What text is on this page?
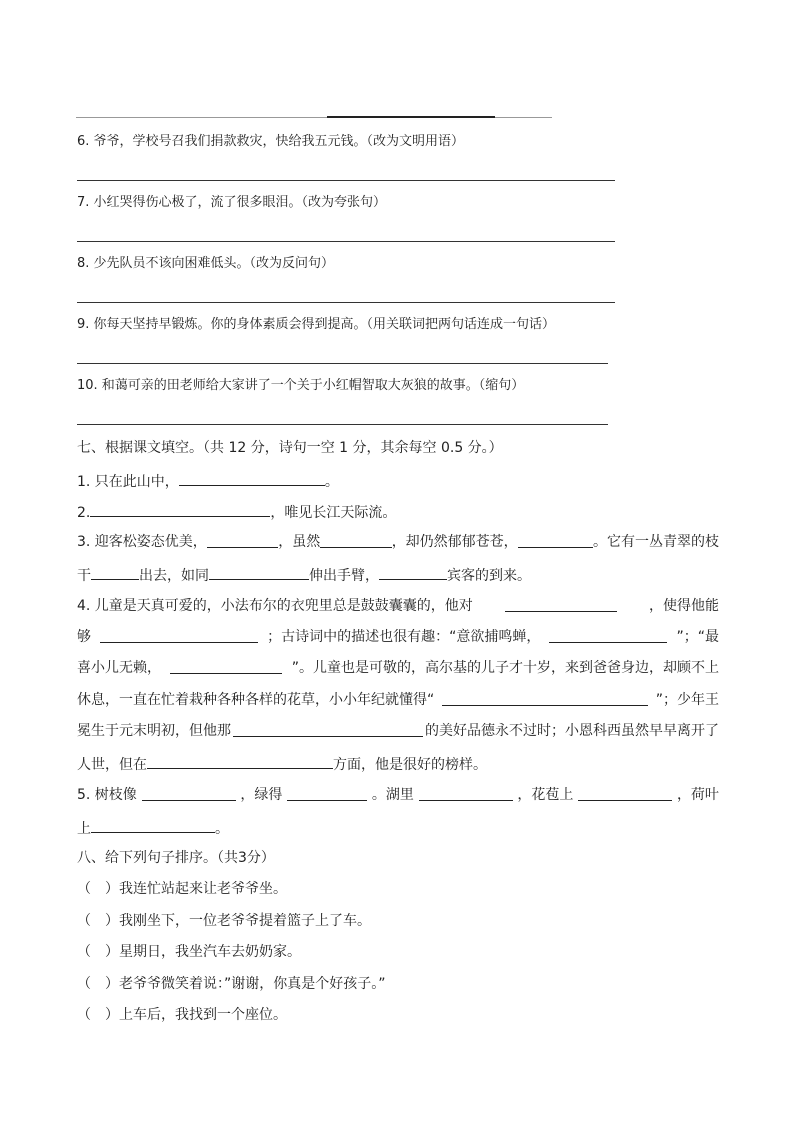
6. 爷爷，学校号召我们捐款救灾，快给我五元钱。（改为文明用语）
7. 小红哭得伤心极了，流了很多眼泪。（改为夸张句）
8. 少先队员不该向困难低头。（改为反问句）
9. 你每天坚持早锻炼。你的身体素质会得到提高。（用关联词把两句话连成一句话）
10. 和蔼可亲的田老师给大家讲了一个关于小红帽智取大灰狼的故事。（缩句）
七、根据课文填空。（共 12 分，诗句一空 1 分，其余每空 0.5 分。）
1. 只在此山中，	。
2.	，唯见长江天际流。
3. 迎客松姿态优美，	，虽然	，却仍然郁郁苍苍，	。它有一丛青翠的枝
干	出去，如同	伸出手臂，	宾客的到来。
4. 儿童是天真可爱的，小法布尔的衣兜里总是鼓鼓囊囊的，他对	，使得他能
够	；古诗词中的描述也很有趣：“意欲捕鸣蝉，	”；“最
喜小儿无赖，	”。儿童也是可敬的，高尔基的儿子才十岁，来到爸爸身边，却顾不上
休息，一直在忙着栽种各种各样的花草，小小年纪就懂得“	”；少年王
冕生于元末明初，但他那	的美好品德永不过时；小恩科西虽然早早离开了
人世，但在	方面，他是很好的榜样。
5. 树枝像	，绿得	。湖里	，花苞上	，荷叶
上	。
八、给下列句子排序。（共3分）
（　）我连忙站起来让老爷爷坐。
（　）我刚坐下，一位老爷爷提着篮子上了车。
（　）星期日，我坐汽车去奶奶家。
（　）老爷爷微笑着说：”谢谢，你真是个好孩子。”
（　）上车后，我找到一个座位。
